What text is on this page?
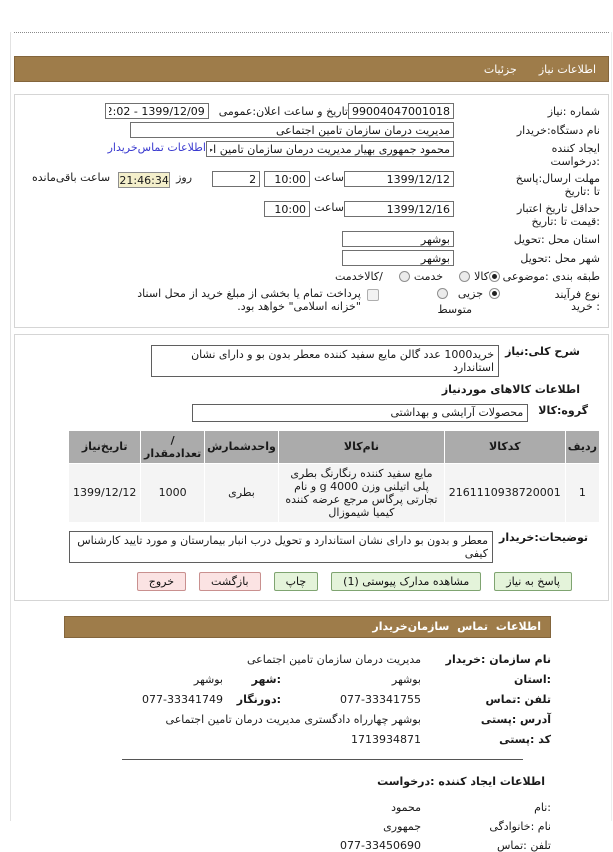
اطلاعات نیاز
جزئیات
شماره :نیاز
1199004047001018
تاریخ و ساعت اعلان:عمومی
1399/12/09 - 12:02
نام دستگاه:خریدار
مدیریت درمان سازمان تامین اجتماعی
ایجاد کننده
:درخواست
محمود جمهوری بهیار مدیریت درمان سازمان تامین اجتماعی
اطلاعات تماس‌خریدار
مهلت ارسال:پاسخ
تا :تاریخ
1399/12/12
ساعت
10:00
2
روز
21:46:34
ساعت باقی‌مانده
حداقل تاریخ اعتبار
:قیمت تا :تاریخ
1399/12/16
ساعت
10:00
استان محل :تحویل
بوشهر
شهر محل :تحویل
بوشهر
طبقه بندی :موضوعی
کالا
خدمت
/کالاخدمت
نوع فرآیند
: خرید
جزیی
متوسط
پرداخت تمام یا بخشی از مبلغ خرید از محل اسناد "خزانه اسلامی" خواهد بود.
شرح کلی:نیاز
خرید1000 عدد گالن مایع سفید کننده معطر بدون بو و دارای نشان استاندارد
اطلاعات کالاهای موردنیاز
گروه:کالا
محصولات آرایشی و بهداشتی
ردیف	کدکالا	نام‌کالا	واحدشمارش	/ تعدادمقدار	تاریخ‌نیاز
1	2161110938720001	مایع سفید کننده رنگارنگ بطری پلی اتیلنی وزن 4000 g و نام تجارتی پرگاس مرجع عرضه کننده کیمیا شیموزال	بطری	1000	1399/12/12
توضیحات:خریدار
معطر و بدون بو دارای نشان استاندارد و تحویل درب انبار بیمارستان و مورد تایید کارشناس کیفی
پاسخ به نیاز
مشاهده مدارک پیوستی (1)
چاپ
بازگشت
خروج
اطلاعات تماس سازمان‌خریدار
نام سازمان :خریدار
مدیریت درمان سازمان تامین اجتماعی
:استان
بوشهر
:شهر
بوشهر
تلفن :تماس
077-33341755
:دورنگار
077-33341749
آدرس :پستی
بوشهر چهارراه دادگستری مدیریت درمان تامین اجتماعی
کد :پستی
1713934871
اطلاعات ایجاد کننده :درخواست
:نام
محمود
نام :خانوادگی
جمهوری
تلفن :تماس
077-33450690
